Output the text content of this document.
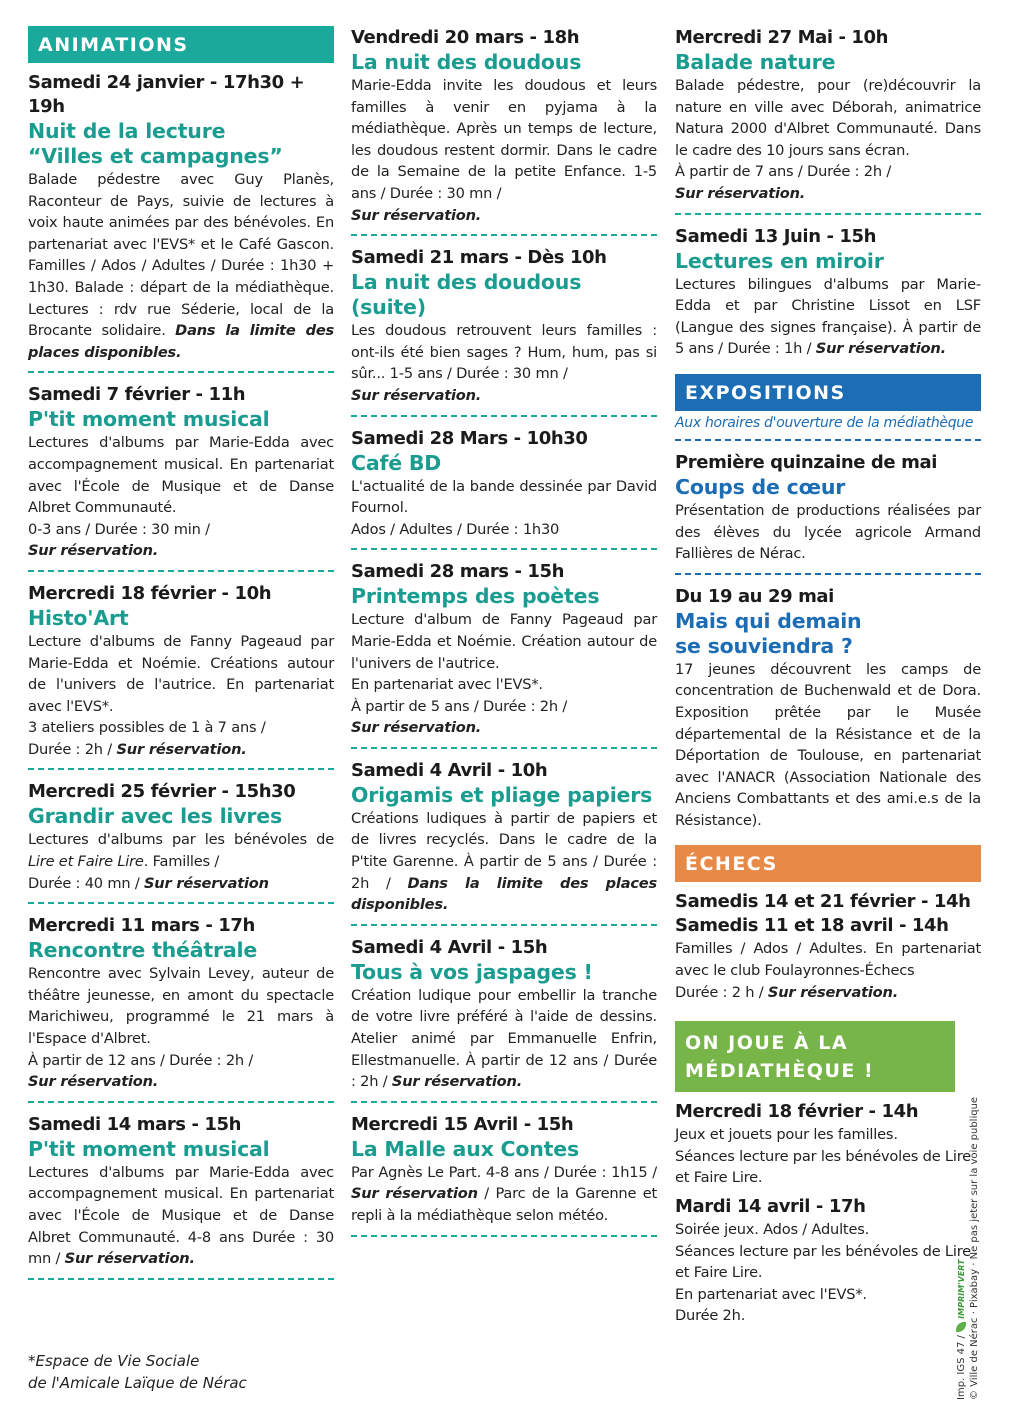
ANIMATIONS
Samedi 24 janvier - 17h30 + 19h
Nuit de la lecture
“Villes et campagnes”

Balade pédestre avec Guy Planès, Raconteur de Pays, suivie de lectures à voix haute animées par des bénévoles. En partenariat avec l'EVS* et le Café Gascon. Familles / Ados / Adultes / Durée : 1h30 + 1h30. Balade : départ de la médiathèque. Lectures : rdv rue Séderie, local de la Brocante solidaire. Dans la limite des places disponibles.

Samedi 7 février - 11h
P'tit moment musical

Lectures d'albums par Marie-Edda avec accompagnement musical. En partenariat avec l'École de Musique et de Danse Albret Communauté.

0-3 ans / Durée : 30 min /

Sur réservation.

Mercredi 18 février - 10h
Histo'Art

Lecture d'albums de Fanny Pageaud par Marie-Edda et Noémie. Créations autour de l'univers de l'autrice. En partenariat avec l'EVS*.

3 ateliers possibles de 1 à 7 ans /

Durée : 2h / Sur réservation.

Mercredi 25 février - 15h30
Grandir avec les livres

Lectures d'albums par les bénévoles de Lire et Faire Lire. Familles /

Durée : 40 mn / Sur réservation

Mercredi 11 mars - 17h
Rencontre théâtrale

Rencontre avec Sylvain Levey, auteur de théâtre jeunesse, en amont du spectacle Marichiweu, programmé le 21 mars à l'Espace d'Albret.

À partir de 12 ans / Durée : 2h /

Sur réservation.

Samedi 14 mars - 15h
P'tit moment musical

Lectures d'albums par Marie-Edda avec accompagnement musical. En partenariat avec l'École de Musique et de Danse Albret Communauté. 4-8 ans Durée : 30 mn / Sur réservation.

Vendredi 20 mars - 18h
La nuit des doudous

Marie-Edda invite les doudous et leurs familles à venir en pyjama à la médiathèque. Après un temps de lecture, les doudous restent dormir. Dans le cadre de la Semaine de la petite Enfance. 1-5 ans / Durée : 30 mn /

Sur réservation.

Samedi 21 mars - Dès 10h
La nuit des doudous (suite)

Les doudous retrouvent leurs familles : ont-ils été bien sages ? Hum, hum, pas si sûr... 1-5 ans / Durée : 30 mn /

Sur réservation.

Samedi 28 Mars - 10h30
Café BD

L'actualité de la bande dessinée par David Fournol.

Ados / Adultes / Durée : 1h30

Samedi 28 mars - 15h
Printemps des poètes

Lecture d'album de Fanny Pageaud par Marie-Edda et Noémie. Création autour de l'univers de l'autrice.

En partenariat avec l'EVS*.

À partir de 5 ans / Durée : 2h /

Sur réservation.

Samedi 4 Avril - 10h
Origamis et pliage papiers

Créations ludiques à partir de papiers et de livres recyclés. Dans le cadre de la P'tite Garenne. À partir de 5 ans / Durée : 2h / Dans la limite des places disponibles.

Samedi 4 Avril - 15h
Tous à vos jaspages !

Création ludique pour embellir la tranche de votre livre préféré à l'aide de dessins. Atelier animé par Emmanuelle Enfrin, Ellestmanuelle. À partir de 12 ans / Durée : 2h / Sur réservation.

Mercredi 15 Avril - 15h
La Malle aux Contes

Par Agnès Le Part. 4-8 ans / Durée : 1h15 / Sur réservation / Parc de la Garenne et repli à la médiathèque selon météo.

Mercredi 27 Mai - 10h
Balade nature

Balade pédestre, pour (re)découvrir la nature en ville avec Déborah, animatrice Natura 2000 d'Albret Communauté. Dans le cadre des 10 jours sans écran.

À partir de 7 ans / Durée : 2h /

Sur réservation.

Samedi 13 Juin - 15h
Lectures en miroir

Lectures bilingues d'albums par Marie-Edda et par Christine Lissot en LSF (Langue des signes française). À partir de 5 ans / Durée : 1h / Sur réservation.

EXPOSITIONS
Aux horaires d'ouverture de la médiathèque
Première quinzaine de mai
Coups de cœur

Présentation de productions réalisées par des élèves du lycée agricole Armand Fallières de Nérac.

Du 19 au 29 mai
Mais qui demain
se souviendra ?

17 jeunes découvrent les camps de concentration de Buchenwald et de Dora. Exposition prêtée par le Musée départemental de la Résistance et de la Déportation de Toulouse, en partenariat avec l'ANACR (Association Nationale des Anciens Combattants et des ami.e.s de la Résistance).

ÉCHECS
Samedis 14 et 21 février - 14h
Samedis 11 et 18 avril - 14h

Familles / Ados / Adultes. En partenariat avec le club Foulayronnes-Échecs

Durée : 2 h / Sur réservation.

ON JOUE À LA MÉDIATHÈQUE !
Mercredi 18 février - 14h

Jeux et jouets pour les familles.

Séances lecture par les bénévoles de Lire et Faire Lire.

Mardi 14 avril - 17h

Soirée jeux. Ados / Adultes.

Séances lecture par les bénévoles de Lire et Faire Lire.

En partenariat avec l'EVS*.

Durée 2h.

*Espace de Vie Sociale
de l'Amicale Laïque de Nérac	Imp. IGS 47 /  IMPRIM'VERT © Ville de Nérac · Pixabay · Ne pas jeter sur la voie publique
